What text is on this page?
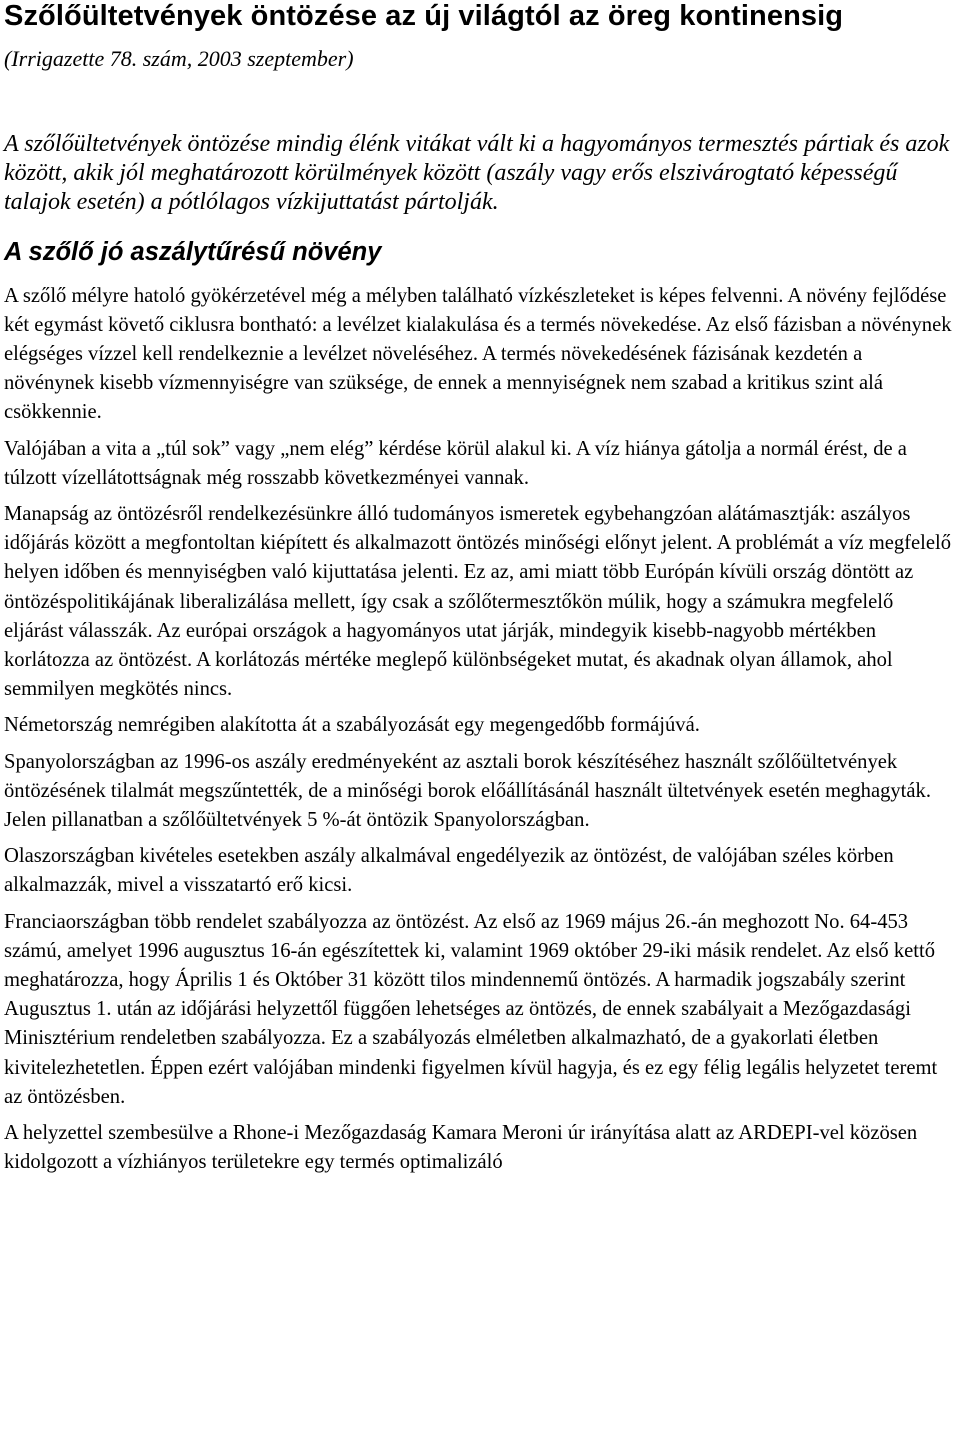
Szőlőültetvények öntözése az új világtól az öreg kontinensig

(Irrigazette 78. szám, 2003 szeptember)

A szőlőültetvények öntözése mindig élénk vitákat vált ki a hagyományos termesztés pártiak és azok között, akik jól meghatározott körülmények között (aszály vagy erős elszivárogtató képességű talajok esetén) a pótlólagos vízkijuttatást pártolják.

A szőlő jó aszálytűrésű növény

A szőlő mélyre hatoló gyökérzetével még a mélyben található vízkészleteket is képes felvenni. A növény fejlődése két egymást követő ciklusra bontható: a levélzet kialakulása és a termés növekedése. Az első fázisban a növénynek elégséges vízzel kell rendelkeznie a levélzet növeléséhez. A termés növekedésének fázisának kezdetén a növénynek kisebb vízmennyiségre van szüksége, de ennek a mennyiségnek nem szabad a kritikus szint alá csökkennie.

Valójában a vita a „túl sok” vagy „nem elég” kérdése körül alakul ki. A víz hiánya gátolja a normál érést, de a túlzott vízellátottságnak még rosszabb következményei vannak.

Manapság az öntözésről rendelkezésünkre álló tudományos ismeretek egybehangzóan alátámasztják: aszályos időjárás között a megfontoltan kiépített és alkalmazott öntözés minőségi előnyt jelent. A problémát a víz megfelelő helyen időben és mennyiségben való kijuttatása jelenti. Ez az, ami miatt több Európán kívüli ország döntött az öntözéspolitikájának liberalizálása mellett, így csak a szőlőtermesztőkön múlik, hogy a számukra megfelelő eljárást válasszák. Az európai országok a hagyományos utat járják, mindegyik kisebb-nagyobb mértékben korlátozza az öntözést. A korlátozás mértéke meglepő különbségeket mutat, és akadnak olyan államok, ahol semmilyen megkötés nincs.

Németország nemrégiben alakította át a szabályozását egy megengedőbb formájúvá.

Spanyolországban az 1996-os aszály eredményeként az asztali borok készítéséhez használt szőlőültetvények öntözésének tilalmát megszűntették, de a minőségi borok előállításánál használt ültetvények esetén meghagyták. Jelen pillanatban a szőlőültetvények 5 %-át öntözik Spanyolországban.

Olaszországban kivételes esetekben aszály alkalmával engedélyezik az öntözést, de valójában széles körben alkalmazzák, mivel a visszatartó erő kicsi.

Franciaországban több rendelet szabályozza az öntözést. Az első az 1969 május 26.-án meghozott No. 64-453 számú, amelyet 1996 augusztus 16-án egészítettek ki, valamint 1969 október 29-iki másik rendelet. Az első kettő meghatározza, hogy Április 1 és Október 31 között tilos mindennemű öntözés. A harmadik jogszabály szerint Augusztus 1. után az időjárási helyzettől függően lehetséges az öntözés, de ennek szabályait a Mezőgazdasági Minisztérium rendeletben szabályozza. Ez a szabályozás elméletben alkalmazható, de a gyakorlati életben kivitelezhetetlen. Éppen ezért valójában mindenki figyelmen kívül hagyja, és ez egy félig legális helyzetet teremt az öntözésben.

A helyzettel szembesülve a Rhone-i Mezőgazdaság Kamara Meroni úr irányítása alatt az ARDEPI-vel közösen kidolgozott a vízhiányos területekre egy termés optimalizáló
